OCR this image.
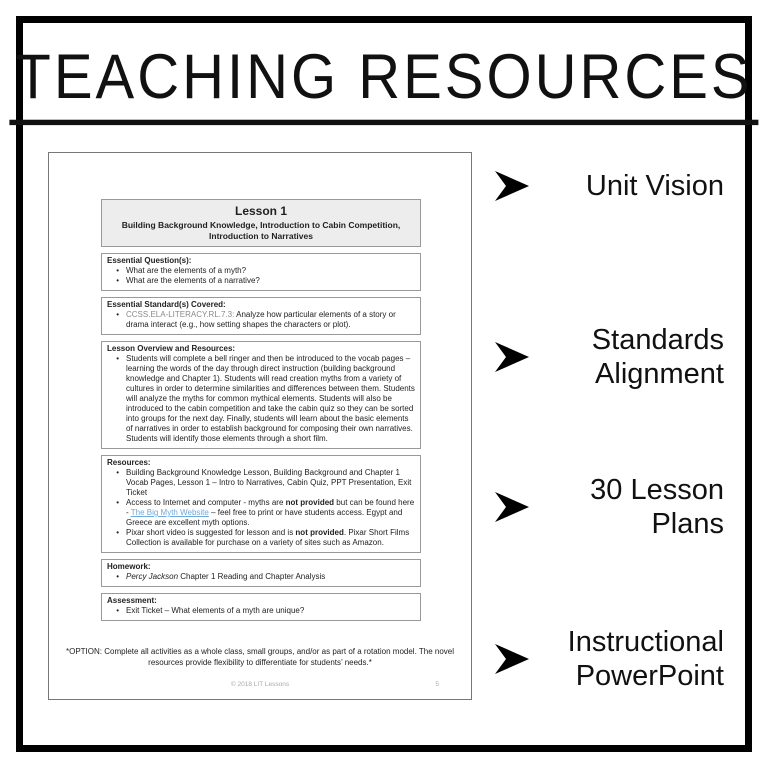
TEACHING RESOURCES
Lesson 1
Building Background Knowledge, Introduction to Cabin Competition, Introduction to Narratives
Essential Question(s):
• What are the elements of a myth?
• What are the elements of a narrative?
Essential Standard(s) Covered:
• CCSS.ELA-LITERACY.RL.7.3: Analyze how particular elements of a story or drama interact (e.g., how setting shapes the characters or plot).
Lesson Overview and Resources:
• Students will complete a bell ringer and then be introduced to the vocab pages – learning the words of the day through direct instruction (building background knowledge and Chapter 1). Students will read creation myths from a variety of cultures in order to determine similarities and differences between them. Students will analyze the myths for common mythical elements. Students will also be introduced to the cabin competition and take the cabin quiz so they can be sorted into groups for the next day. Finally, students will learn about the basic elements of narratives in order to establish background for composing their own narratives. Students will identify those elements through a short film.
Resources:
• Building Background Knowledge Lesson, Building Background and Chapter 1 Vocab Pages, Lesson 1 – Intro to Narratives, Cabin Quiz, PPT Presentation, Exit Ticket
• Access to Internet and computer - myths are not provided but can be found here - The Big Myth Website – feel free to print or have students access. Egypt and Greece are excellent myth options.
• Pixar short video is suggested for lesson and is not provided. Pixar Short Films Collection is available for purchase on a variety of sites such as Amazon.
Homework:
• Percy Jackson Chapter 1 Reading and Chapter Analysis
Assessment:
• Exit Ticket – What elements of a myth are unique?
*OPTION: Complete all activities as a whole class, small groups, and/or as part of a rotation model. The novel resources provide flexibility to differentiate for students’ needs.*
© 2018 LIT Lessons	5
Unit Vision
Standards Alignment
30 Lesson Plans
Instructional PowerPoint
